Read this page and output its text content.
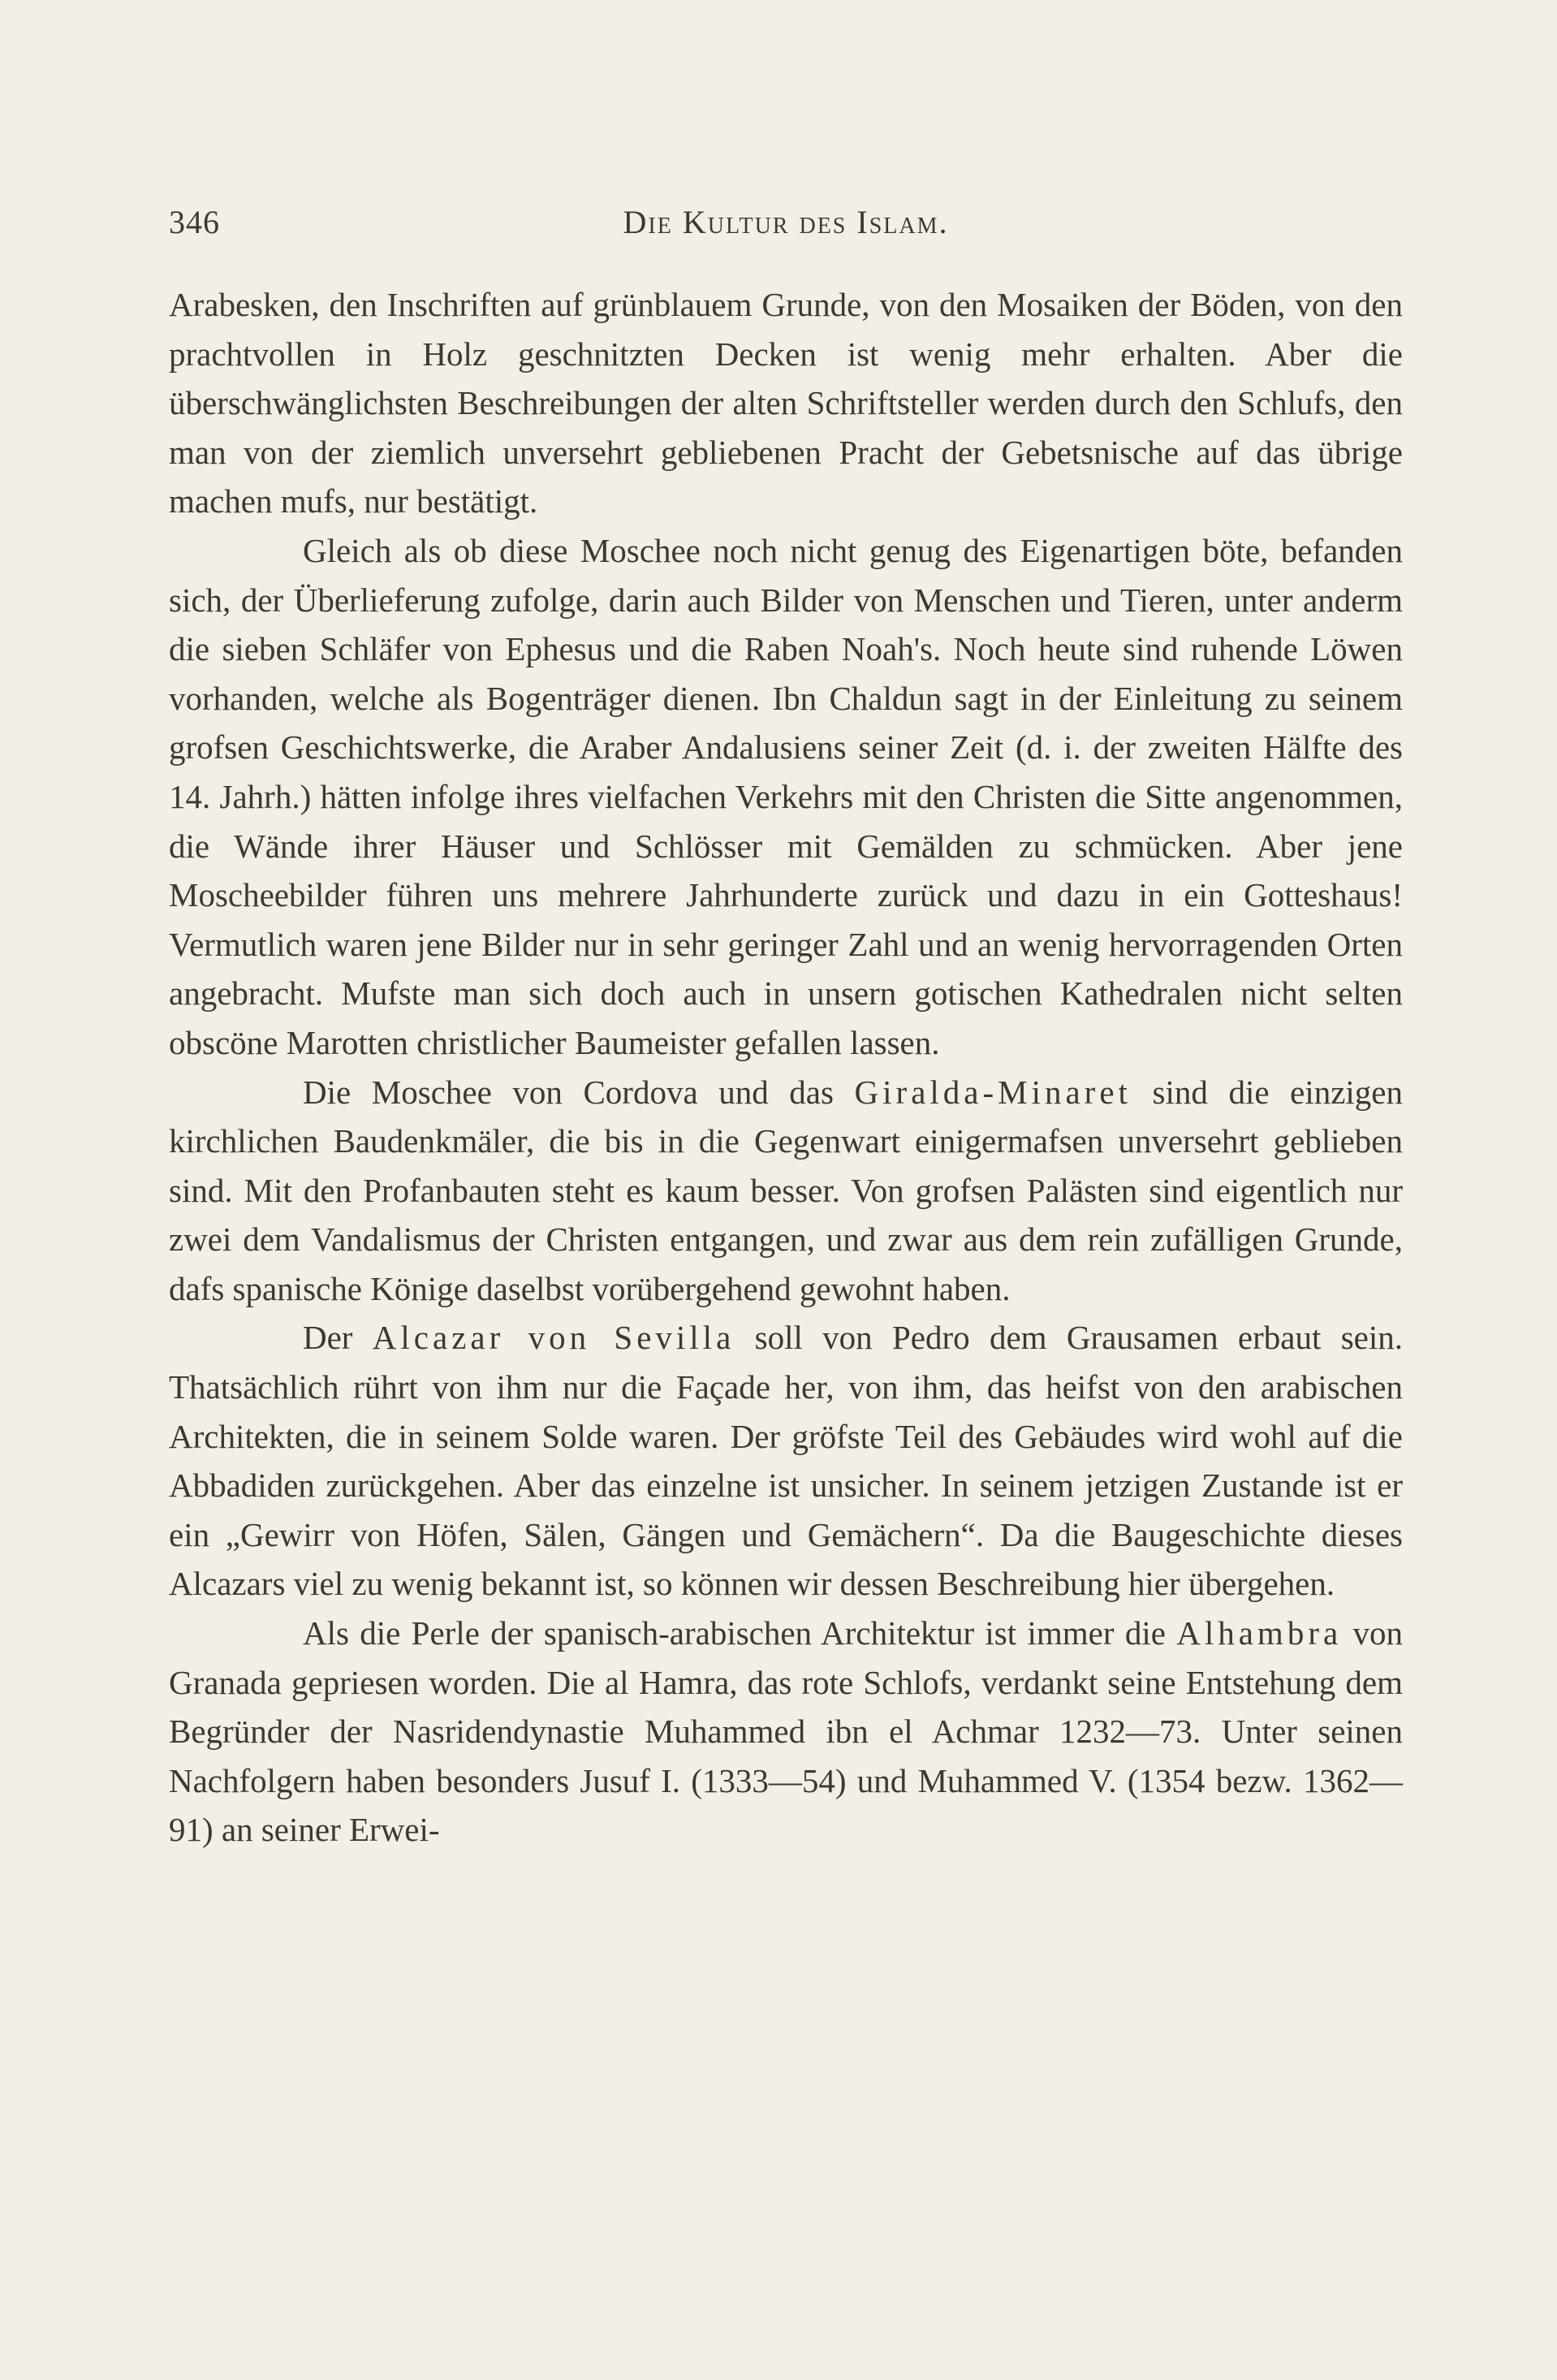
346	Die Kultur des Islam.

Arabesken, den Inschriften auf grünblauem Grunde, von den Mosaiken der Böden, von den prachtvollen in Holz geschnitzten Decken ist wenig mehr erhalten. Aber die überschwänglichsten Beschreibungen der alten Schriftsteller werden durch den Schlufs, den man von der ziemlich unversehrt gebliebenen Pracht der Gebetsnische auf das übrige machen mufs, nur bestätigt.

Gleich als ob diese Moschee noch nicht genug des Eigenartigen böte, befanden sich, der Überlieferung zufolge, darin auch Bilder von Menschen und Tieren, unter anderm die sieben Schläfer von Ephesus und die Raben Noah's. Noch heute sind ruhende Löwen vorhanden, welche als Bogenträger dienen. Ibn Chaldun sagt in der Einleitung zu seinem grofsen Geschichtswerke, die Araber Andalusiens seiner Zeit (d. i. der zweiten Hälfte des 14. Jahrh.) hätten infolge ihres vielfachen Verkehrs mit den Christen die Sitte angenommen, die Wände ihrer Häuser und Schlösser mit Gemälden zu schmücken. Aber jene Moscheebilder führen uns mehrere Jahrhunderte zurück und dazu in ein Gotteshaus! Vermutlich waren jene Bilder nur in sehr geringer Zahl und an wenig hervorragenden Orten angebracht. Mufste man sich doch auch in unsern gotischen Kathedralen nicht selten obscöne Marotten christlicher Baumeister gefallen lassen.

Die Moschee von Cordova und das Giralda-Minaret sind die einzigen kirchlichen Baudenkmäler, die bis in die Gegenwart einigermafsen unversehrt geblieben sind. Mit den Profanbauten steht es kaum besser. Von grofsen Palästen sind eigentlich nur zwei dem Vandalismus der Christen entgangen, und zwar aus dem rein zufälligen Grunde, dafs spanische Könige daselbst vorübergehend gewohnt haben.

Der Alcazar von Sevilla soll von Pedro dem Grausamen erbaut sein. Thatsächlich rührt von ihm nur die Façade her, von ihm, das heifst von den arabischen Architekten, die in seinem Solde waren. Der gröfste Teil des Gebäudes wird wohl auf die Abbadiden zurückgehen. Aber das einzelne ist unsicher. In seinem jetzigen Zustande ist er ein „Gewirr von Höfen, Sälen, Gängen und Gemächern“. Da die Baugeschichte dieses Alcazars viel zu wenig bekannt ist, so können wir dessen Beschreibung hier übergehen.

Als die Perle der spanisch-arabischen Architektur ist immer die Alhambra von Granada gepriesen worden. Die al Hamra, das rote Schlofs, verdankt seine Entstehung dem Begründer der Nasridendynastie Muhammed ibn el Achmar 1232—73. Unter seinen Nachfolgern haben besonders Jusuf I. (1333—54) und Muhammed V. (1354 bezw. 1362—91) an seiner Erwei-
